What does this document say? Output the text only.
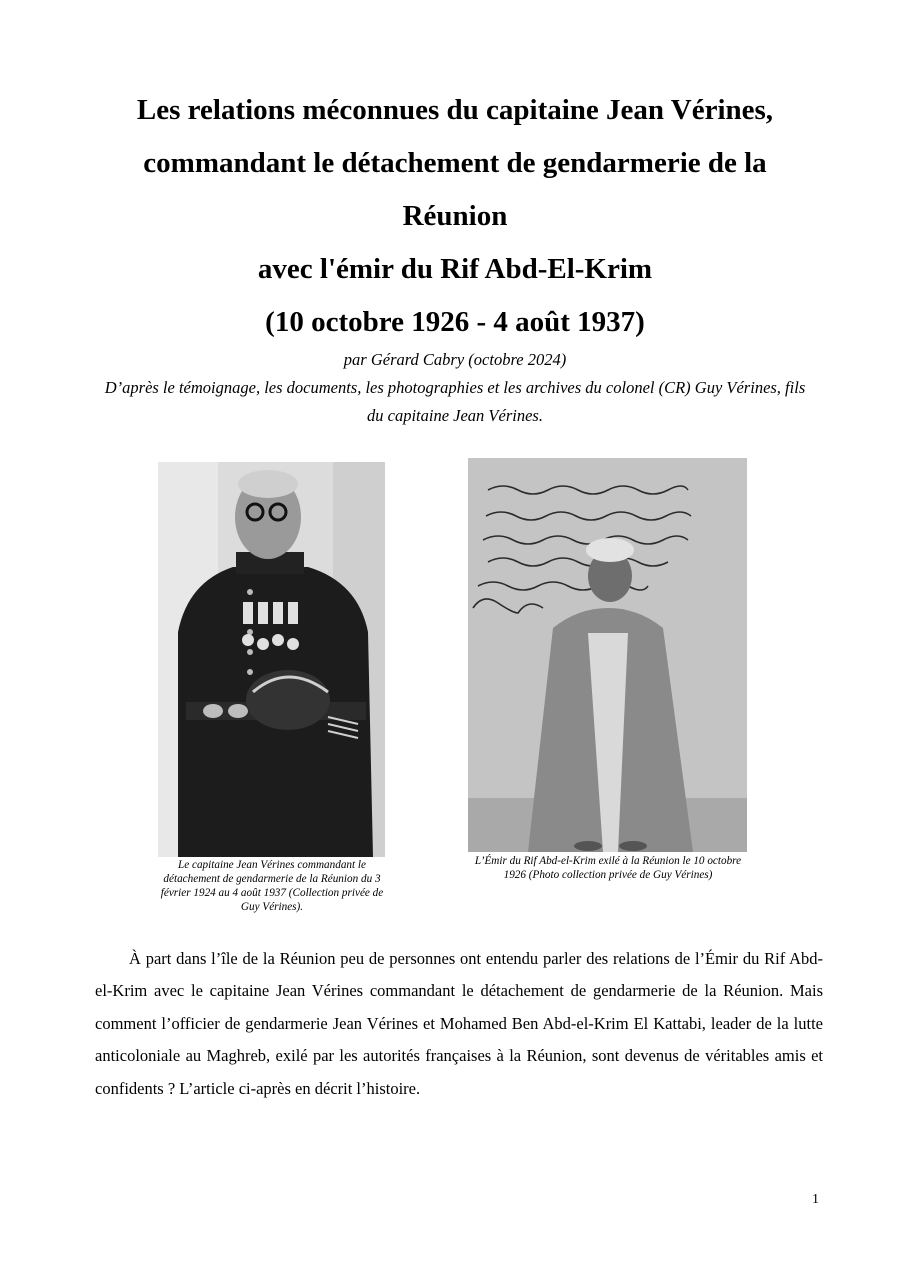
Les relations méconnues du capitaine Jean Vérines,
commandant le détachement de gendarmerie de la
Réunion
avec l'émir du Rif Abd-El-Krim
(10 octobre 1926 - 4 août 1937)
par Gérard Cabry (octobre 2024)
D’après le témoignage, les documents, les photographies et les archives du colonel (CR) Guy Vérines, fils du capitaine Jean Vérines.
Le capitaine Jean Vérines commandant le détachement de gendarmerie de la Réunion du 3 février 1924 au 4 août 1937 (Collection privée de Guy Vérines).
L’Émir du Rif Abd-el-Krim exilé à la Réunion le 10 octobre 1926 (Photo collection privée de Guy Vérines)
À part dans l’île de la Réunion peu de personnes ont entendu parler des relations de l’Émir du Rif Abd-el-Krim avec le capitaine Jean Vérines commandant le détachement de gendarmerie de la Réunion. Mais comment l’officier de gendarmerie Jean Vérines et Mohamed Ben Abd-el-Krim El Kattabi, leader de la lutte anticoloniale au Maghreb, exilé par les autorités françaises à la Réunion, sont devenus de véritables amis et confidents ? L’article ci-après en décrit l’histoire.
1
